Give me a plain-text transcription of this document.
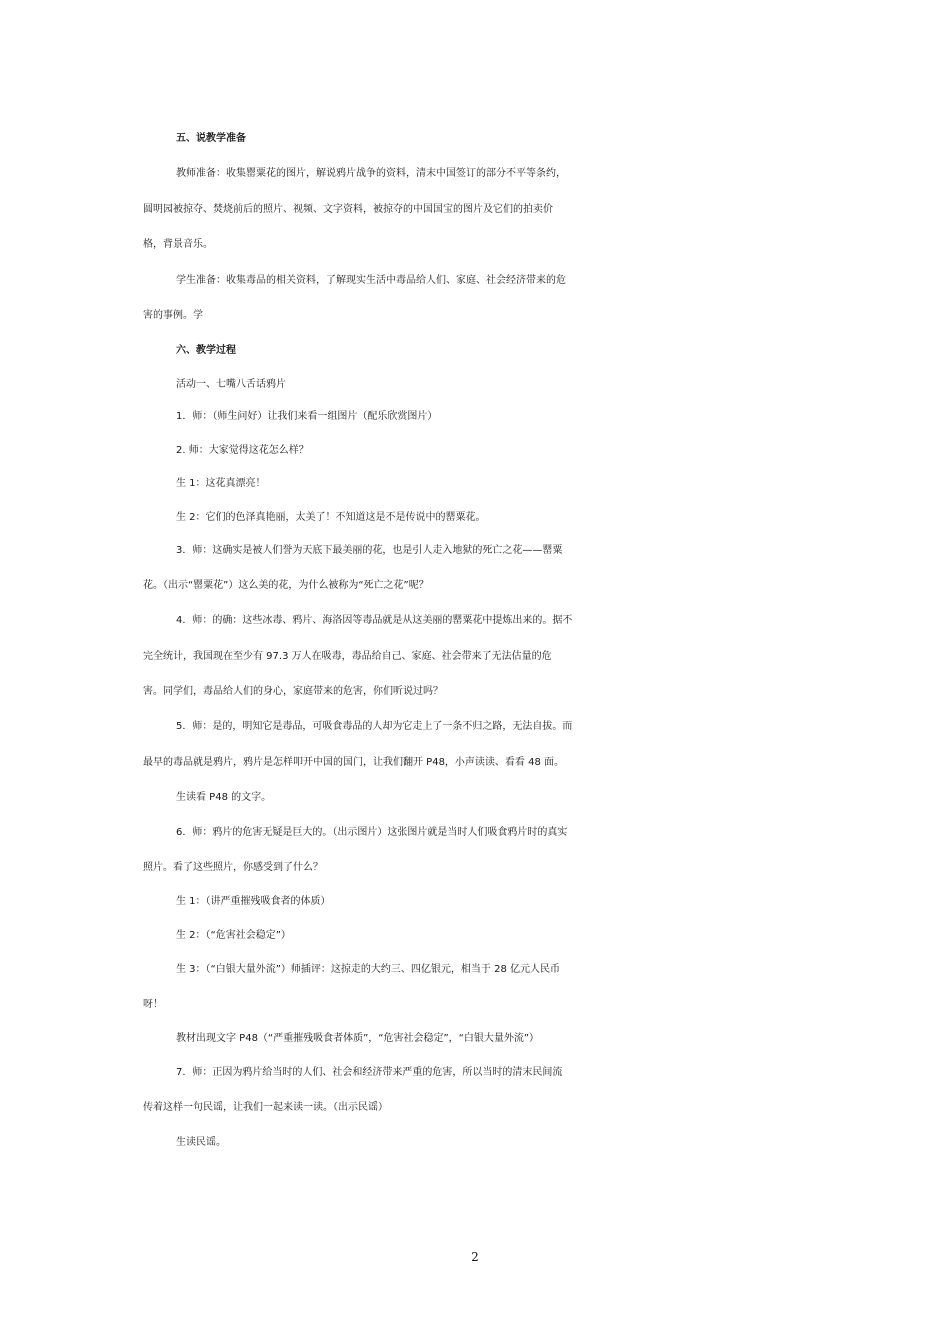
五、说教学准备
教师准备：收集罂粟花的图片，解说鸦片战争的资料，清末中国签订的部分不平等条约，
圆明园被掠夺、焚烧前后的照片、视频、文字资料，被掠夺的中国国宝的图片及它们的拍卖价
格，背景音乐。
学生准备：收集毒品的相关资料，了解现实生活中毒品给人们、家庭、社会经济带来的危
害的事例。学
六、教学过程
活动一、七嘴八舌话鸦片
1．师：（师生问好）让我们来看一组图片（配乐欣赏图片）
2. 师：大家觉得这花怎么样？
生 1：这花真漂亮！
生 2：它们的色泽真艳丽，太美了！不知道这是不是传说中的罂粟花。
3．师：这确实是被人们誉为天底下最美丽的花，也是引人走入地狱的死亡之花——罂粟
花。（出示“罂粟花”）这么美的花，为什么被称为“死亡之花”呢？
4．师：的确：这些冰毒、鸦片、海洛因等毒品就是从这美丽的罂粟花中提炼出来的。据不
完全统计，我国现在至少有 97.3 万人在吸毒，毒品给自己、家庭、社会带来了无法估量的危
害。同学们，毒品给人们的身心，家庭带来的危害，你们听说过吗？
5．师：是的，明知它是毒品，可吸食毒品的人却为它走上了一条不归之路，无法自拔。而
最早的毒品就是鸦片，鸦片是怎样叩开中国的国门，让我们翻开 P48，小声读读、看看 48 面。
生读看 P48 的文字。
6．师：鸦片的危害无疑是巨大的。（出示图片）这张图片就是当时人们吸食鸦片时的真实
照片。看了这些照片，你感受到了什么？
生 1：（讲严重摧残吸食者的体质）
生 2：（“危害社会稳定”）
生 3：（“白银大量外流”）师插评：这掠走的大约三、四亿银元，相当于 28 亿元人民币
呀！
教材出现文字 P48（“严重摧残吸食者体质”，“危害社会稳定”，“白银大量外流”）
7．师：正因为鸦片给当时的人们、社会和经济带来严重的危害，所以当时的清末民间流
传着这样一句民谣，让我们一起来读一读。（出示民谣）
生读民谣。
2
